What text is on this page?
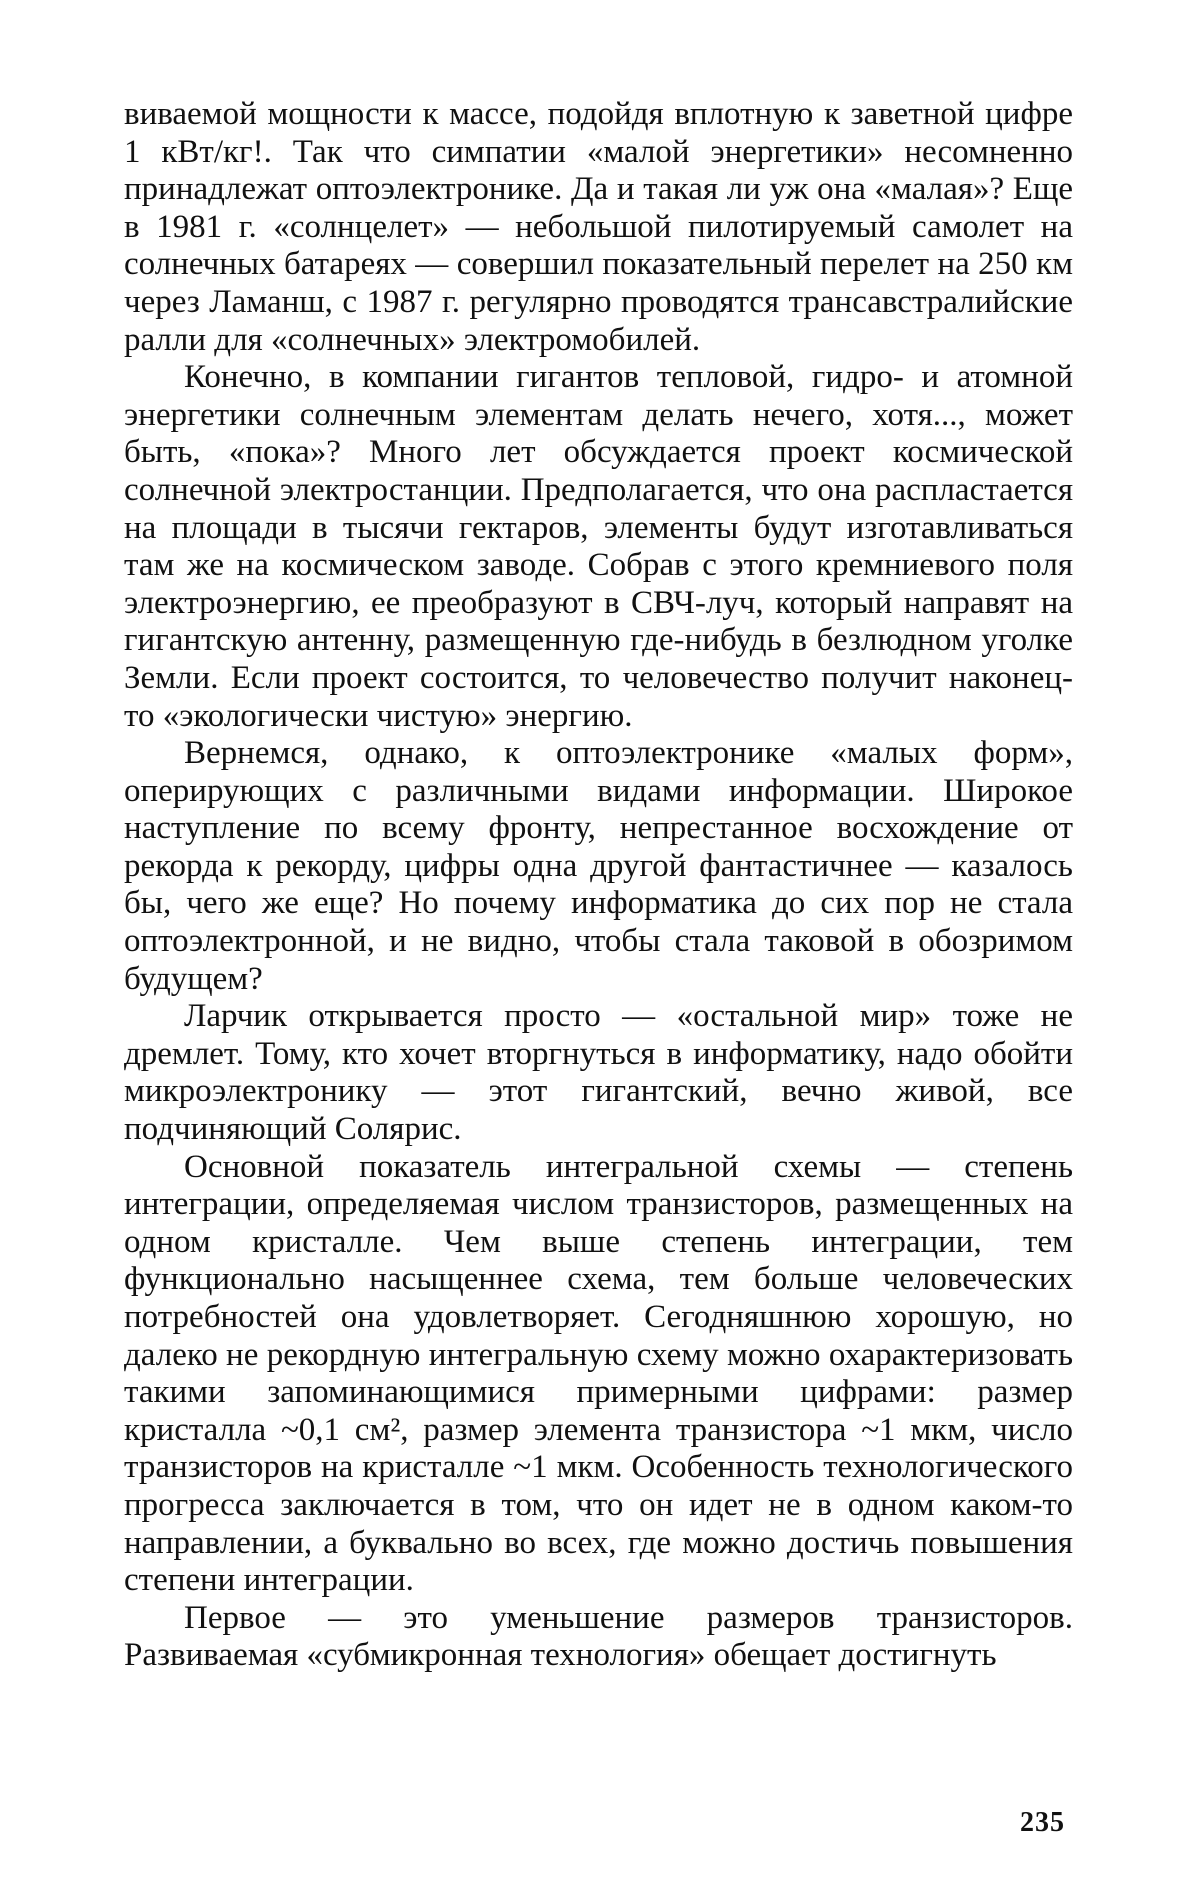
виваемой мощности к массе, подойдя вплотную к заветной цифре 1 кВт/кг!. Так что симпатии «малой энергетики» несомненно принадлежат оптоэлектронике. Да и такая ли уж она «малая»? Еще в 1981 г. «солнцелет» — небольшой пилотируемый самолет на солнечных батареях — совершил показательный перелет на 250 км через Ламанш, с 1987 г. регулярно проводятся трансавстралийские ралли для «солнечных» электромобилей.

Конечно, в компании гигантов тепловой, гидро- и атомной энергетики солнечным элементам делать нечего, хотя..., может быть, «пока»? Много лет обсуждается проект космической солнечной электростанции. Предполагается, что она распластается на площади в тысячи гектаров, элементы будут изготавливаться там же на космическом заводе. Собрав с этого кремниевого поля электроэнергию, ее преобразуют в СВЧ-луч, который направят на гигантскую антенну, размещенную где-нибудь в безлюдном уголке Земли. Если проект состоится, то человечество получит наконец-то «экологически чистую» энергию.

Вернемся, однако, к оптоэлектронике «малых форм», оперирующих с различными видами информации. Широкое наступление по всему фронту, непрестанное восхождение от рекорда к рекорду, цифры одна другой фантастичнее — казалось бы, чего же еще? Но почему информатика до сих пор не стала оптоэлектронной, и не видно, чтобы стала таковой в обозримом будущем?

Ларчик открывается просто — «остальной мир» тоже не дремлет. Тому, кто хочет вторгнуться в информатику, надо обойти микроэлектронику — этот гигантский, вечно живой, все подчиняющий Солярис.

Основной показатель интегральной схемы — степень интеграции, определяемая числом транзисторов, размещенных на одном кристалле. Чем выше степень интеграции, тем функционально насыщеннее схема, тем больше человеческих потребностей она удовлетворяет. Сегодняшнюю хорошую, но далеко не рекордную интегральную схему можно охарактеризовать такими запоминающимися примерными цифрами: размер кристалла ~0,1 см², размер элемента транзистора ~1 мкм, число транзисторов на кристалле ~1 мкм. Особенность технологического прогресса заключается в том, что он идет не в одном каком-то направлении, а буквально во всех, где можно достичь повышения степени интеграции.

Первое — это уменьшение размеров транзисторов. Развиваемая «субмикронная технология» обещает достигнуть

235
